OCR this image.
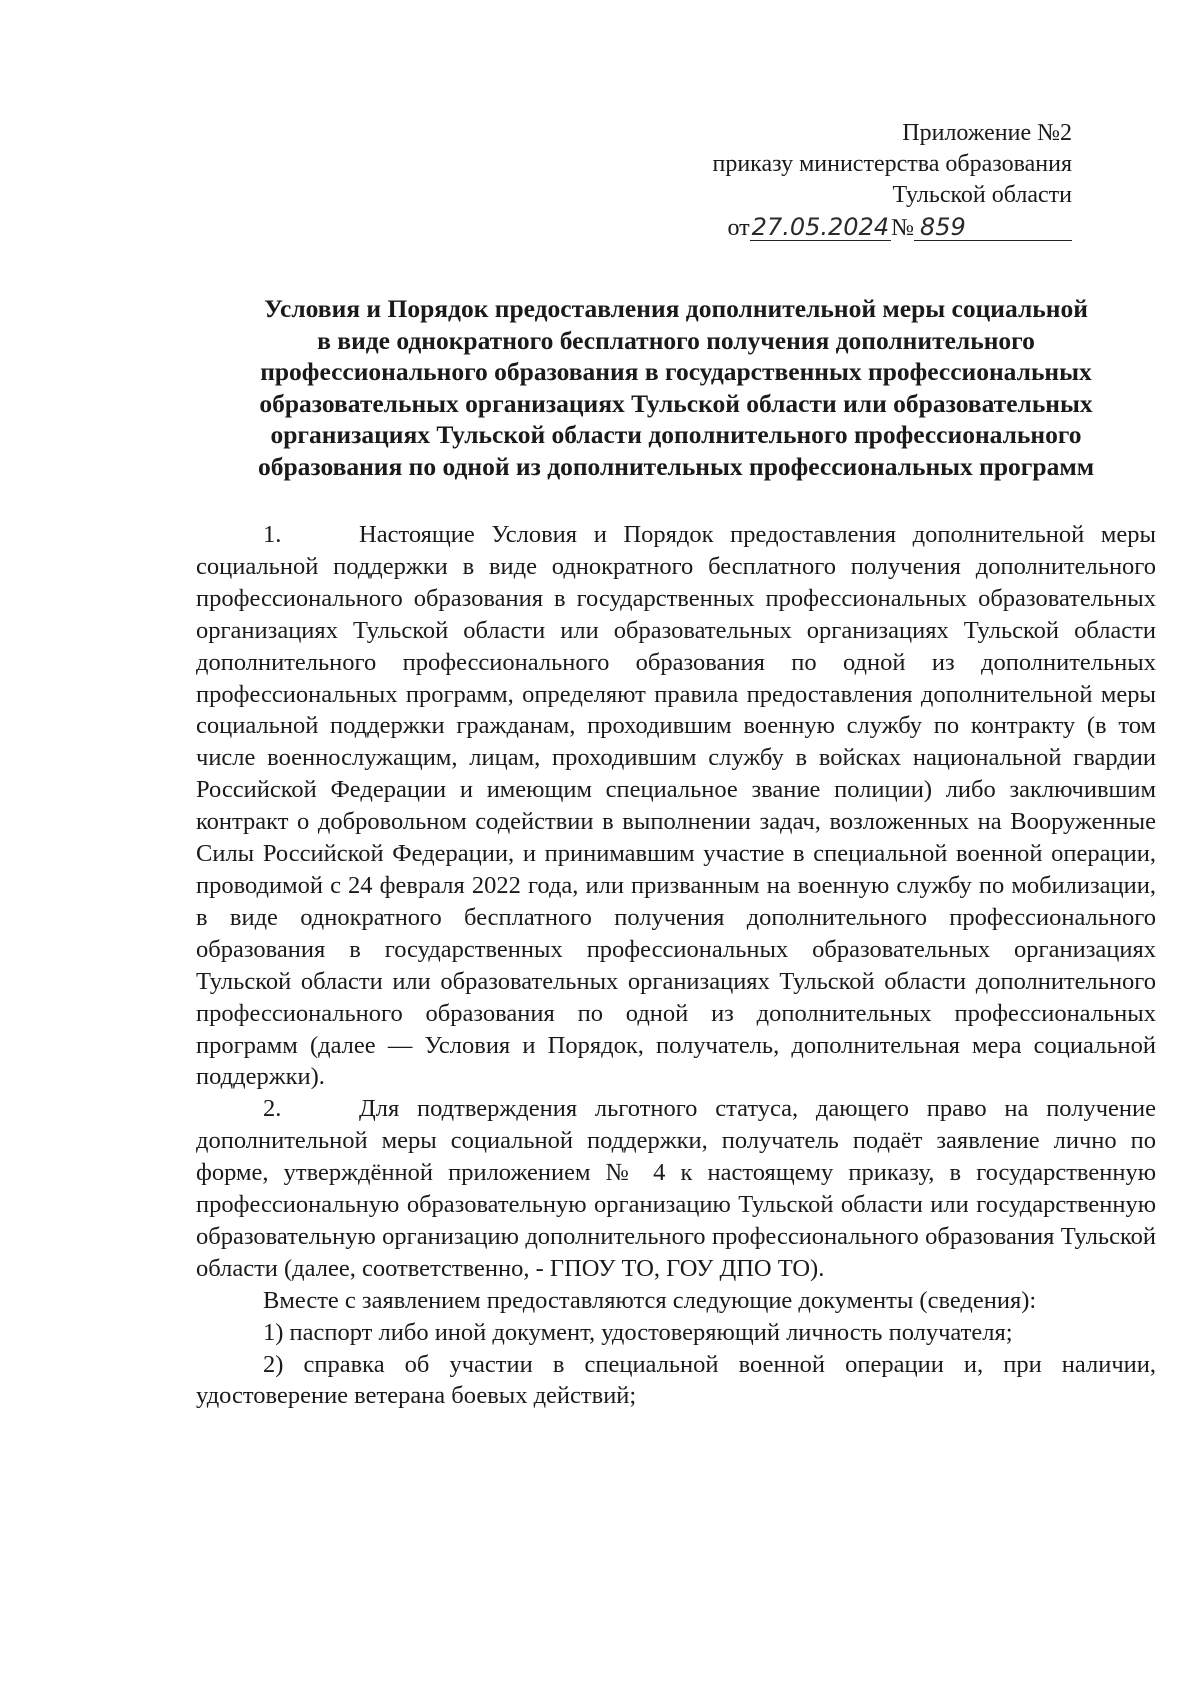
Приложение №2
приказу министерства образования
Тульской области
от 27.05.2024 № 859
Условия и Порядок предоставления дополнительной меры социальной
в виде однократного бесплатного получения дополнительного
профессионального образования в государственных профессиональных
образовательных организациях Тульской области или образовательных
организациях Тульской области дополнительного профессионального
образования по одной из дополнительных профессиональных программ

1.	Настоящие Условия и Порядок предоставления дополнительной меры социальной поддержки в виде однократного бесплатного получения дополнительного профессионального образования в государственных профессиональных образовательных организациях Тульской области или образовательных организациях Тульской области дополнительного профессионального образования по одной из дополнительных профессиональных программ, определяют правила предоставления дополнительной меры социальной поддержки гражданам, проходившим военную службу по контракту (в том числе военнослужащим, лицам, проходившим службу в войсках национальной гвардии Российской Федерации и имеющим специальное звание полиции) либо заключившим контракт о добровольном содействии в выполнении задач, возложенных на Вооруженные Силы Российской Федерации, и принимавшим участие в специальной военной операции, проводимой с 24 февраля 2022 года, или призванным на военную службу по мобилизации, в виде однократного бесплатного получения дополнительного профессионального образования в государственных профессиональных образовательных организациях Тульской области или образовательных организациях Тульской области дополнительного профессионального образования по одной из дополнительных профессиональных программ (далее — Условия и Порядок, получатель, дополнительная мера социальной поддержки).

2.	Для подтверждения льготного статуса, дающего право на получение дополнительной меры социальной поддержки, получатель подаёт заявление лично по форме, утверждённой приложением № 4 к настоящему приказу, в государственную профессиональную образовательную организацию Тульской области или государственную образовательную организацию дополнительного профессионального образования Тульской области (далее, соответственно, - ГПОУ ТО, ГОУ ДПО ТО).

Вместе с заявлением предоставляются следующие документы (сведения):

1) паспорт либо иной документ, удостоверяющий личность получателя;

2) справка об участии в специальной военной операции и, при наличии, удостоверение ветерана боевых действий;
